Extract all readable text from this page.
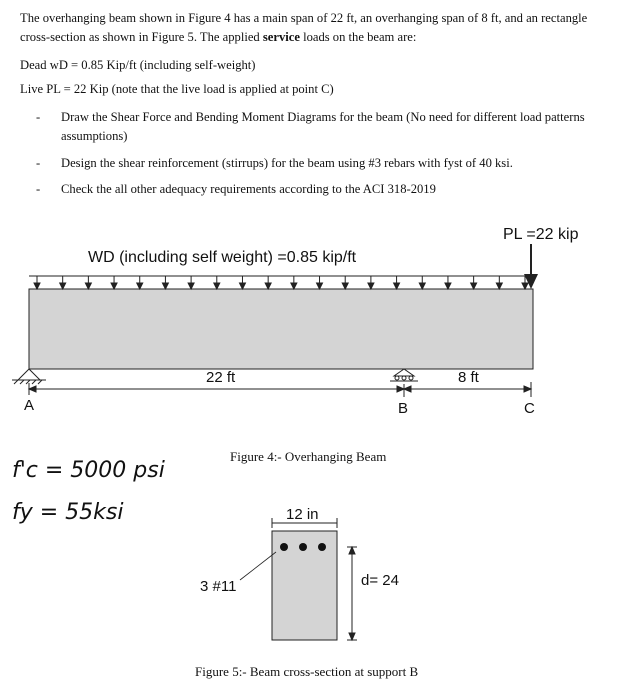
The overhanging beam shown in Figure 4 has a main span of 22 ft, an overhanging span of 8 ft, and an rectangle cross-section as shown in Figure 5. The applied service loads on the beam are:
Dead wD = 0.85 Kip/ft (including self-weight)
Live PL = 22 Kip (note that the live load is applied at point C)
- Draw the Shear Force and Bending Moment Diagrams for the beam (No need for different load patterns assumptions)
- Design the shear reinforcement (stirrups) for the beam using #3 rebars with fyst of 40 ksi.
- Check the all other adequacy requirements according to the ACI 318-2019
WD (including self weight) =0.85 kip/ft
PL =22 kip
22 ft	8 ft
A	B	C
Figure 4:- Overhanging Beam
f'c = 5000 psi
fy = 55ksi	12 in
3 #11	d= 24
Figure 5:- Beam cross-section at support B
